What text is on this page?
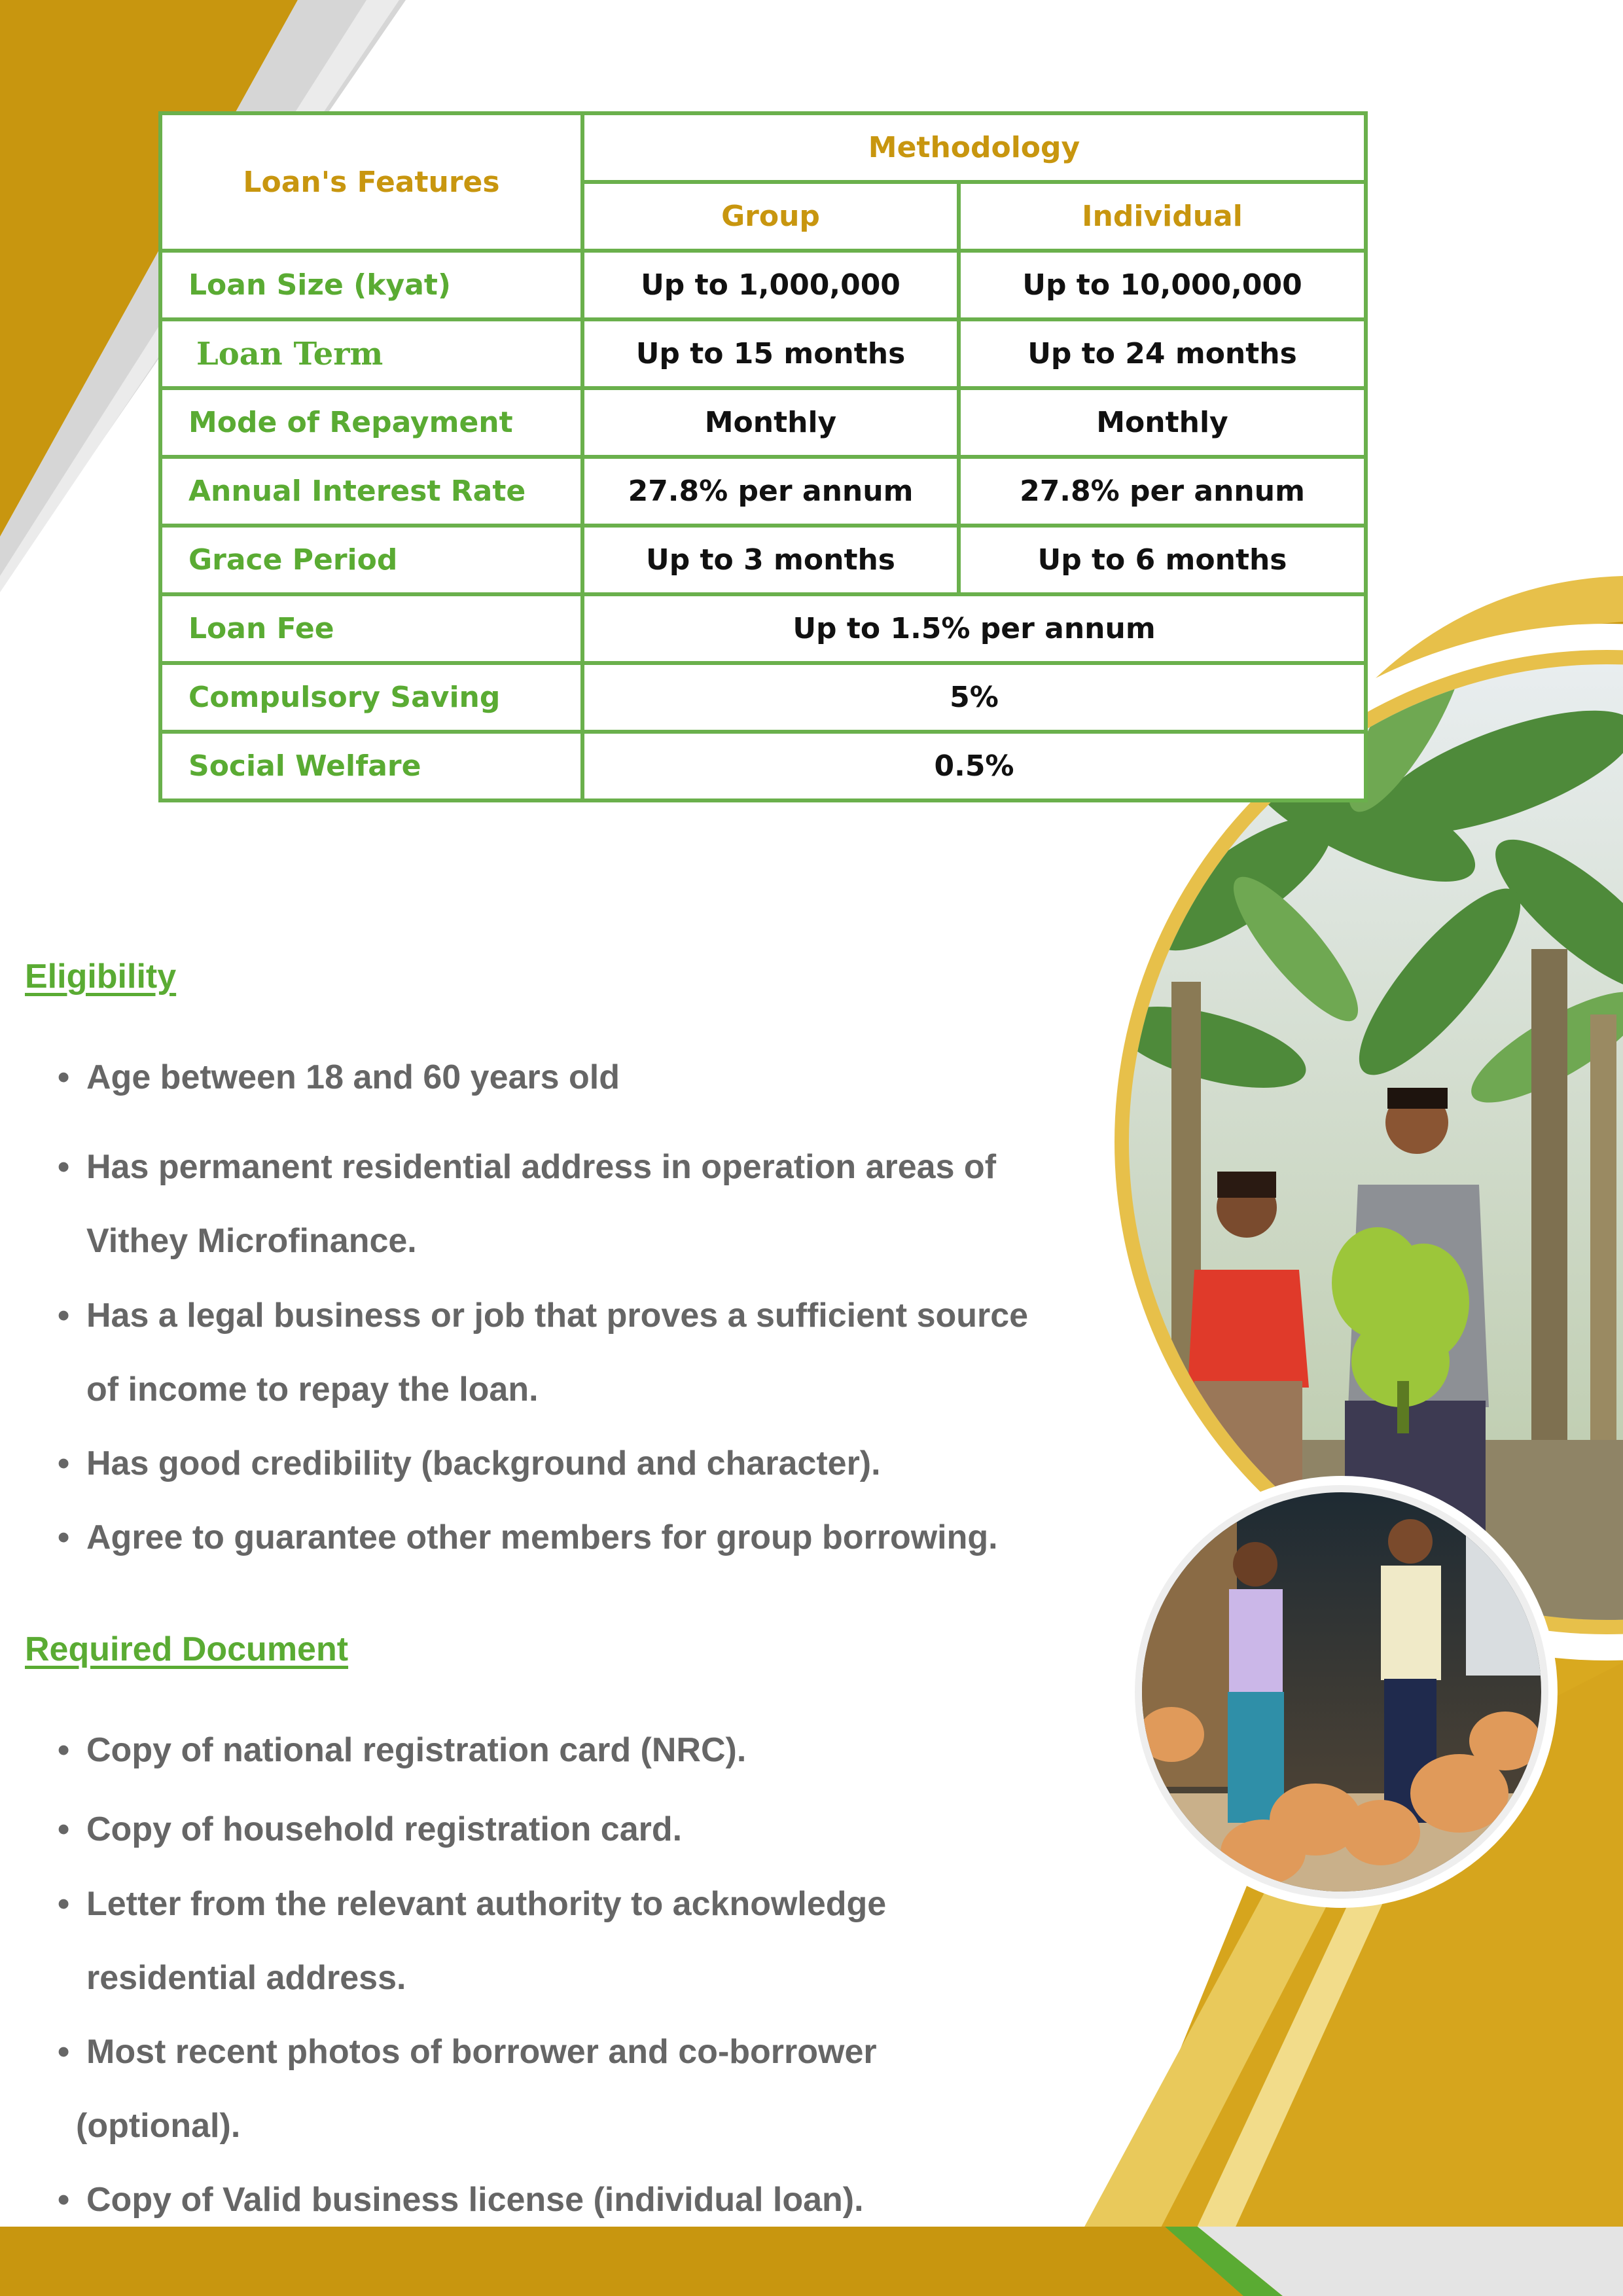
Loan's Features	Methodology	
	Group	Individual
Loan Size (kyat)	Up to 1,000,000	Up to 10,000,000
Loan Term	Up to 15 months	Up to 24 months
Mode of Repayment	Monthly	Monthly
Annual Interest Rate	27.8% per annum	27.8% per annum
Grace Period	Up to 3 months	Up to 6 months
Loan Fee	Up to 1.5% per annum	
Compulsory Saving	5%	
Social Welfare	0.5%	
Eligibility
• Age between 18 and 60 years old
• Has permanent residential address in operation areas of
Vithey Microfinance.
• Has a legal business or job that proves a sufficient source
of income to repay the loan.
• Has good credibility (background and character).
• Agree to guarantee other members for group borrowing.
Required Document
• Copy of national registration card (NRC).
• Copy of household registration card.
• Letter from the relevant authority to acknowledge
residential address.
• Most recent photos of borrower and co-borrower
(optional).
• Copy of Valid business license (individual loan).
